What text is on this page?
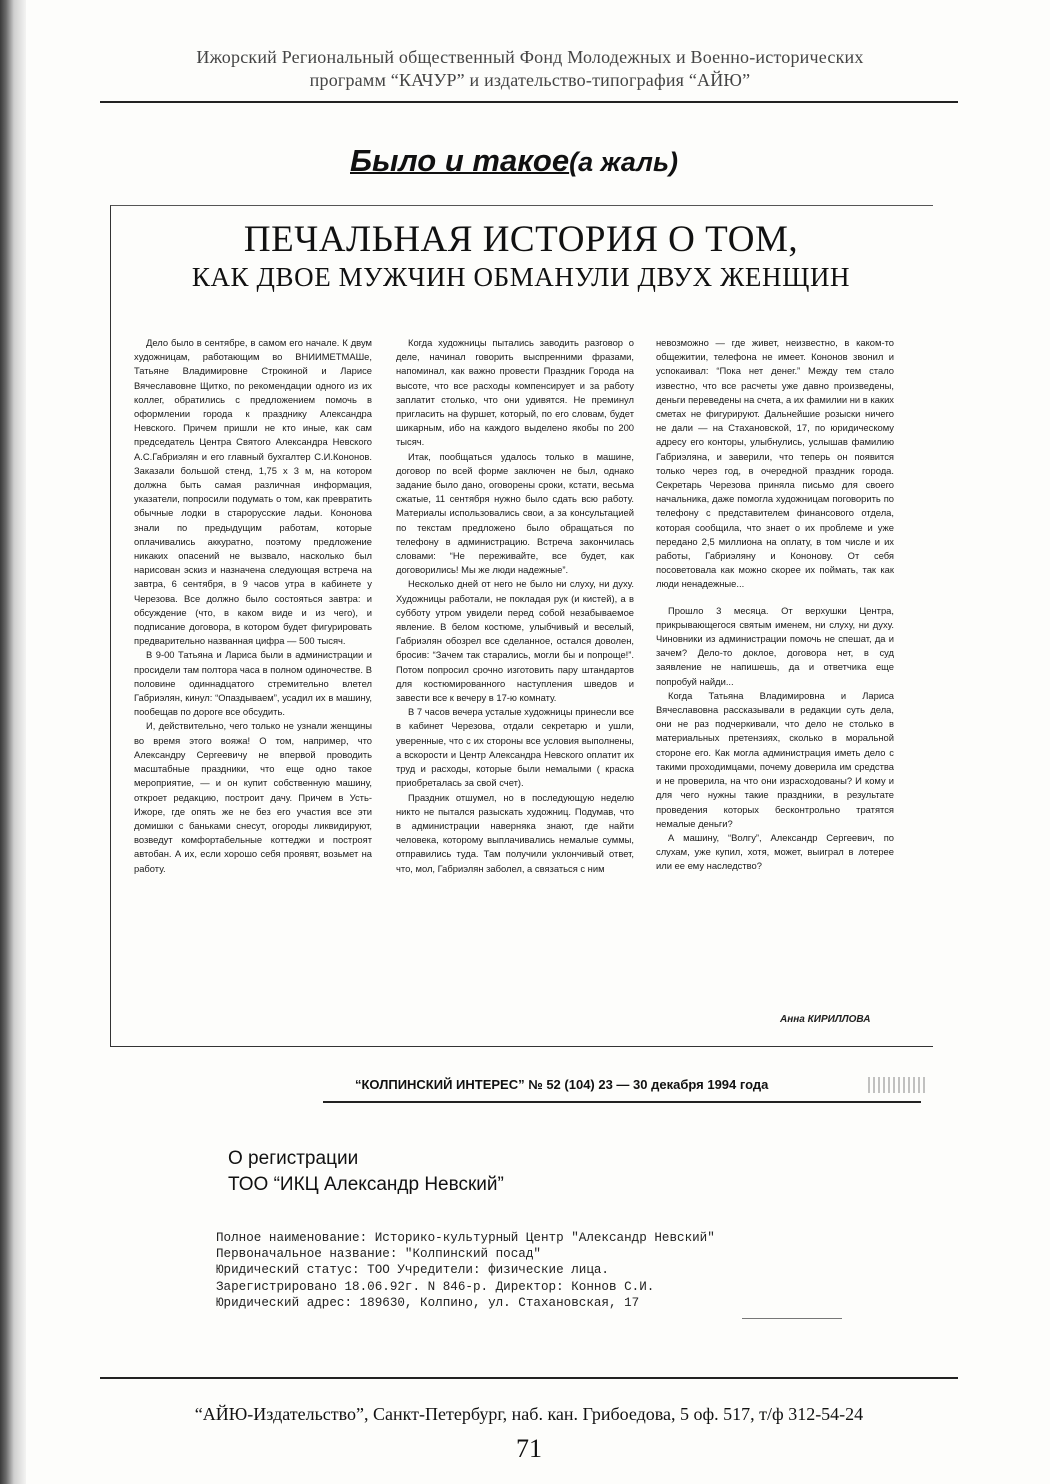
Ижорский Региональный общественный Фонд Молодежных и Военно-исторических
программ “КАЧУР” и издательство-типография “АЙЮ”
Было и такое(а жаль)
ПЕЧАЛЬНАЯ ИСТОРИЯ О ТОМ,
КАК ДВОЕ МУЖЧИН ОБМАНУЛИ ДВУХ ЖЕНЩИН

Дело было в сентябре, в самом его начале. К двум художницам, работающим во ВНИИМЕТМАШе, Татьяне Владимировне Строкиной и Ларисе Вячеславовне Щитко, по рекомендации одного из их коллег, обратились с предложением помочь в оформлении города к празднику Александра Невского. Причем пришли не кто иные, как сам председатель Центра Святого Александра Невского А.С.Габриэлян и его главный бухгалтер С.И.Кононов. Заказали большой стенд, 1,75 х 3 м, на котором должна быть самая различная информация, указатели, попросили подумать о том, как превратить обычные лодки в старорусские ладьи. Кононова знали по предыдущим работам, которые оплачивались аккуратно, поэтому предложение никаких опасений не вызвало, насколько был нарисован эскиз и назначена следующая встреча на завтра, 6 сентября, в 9 часов утра в кабинете у Черезова. Все должно было состояться завтра: и обсуждение (что, в каком виде и из чего), и подписание договора, в котором будет фигурировать предварительно названная цифра — 500 тысяч.

В 9-00 Татьяна и Лариса были в администрации и просидели там полтора часа в полном одиночестве. В половине одиннадцатого стремительно влетел Габриэлян, кинул: “Опаздываем”, усадил их в машину, пообещав по дороге все обсудить.

И, действительно, чего только не узнали женщины во время этого вояжа! О том, например, что Александру Сергеевичу не впервой проводить масштабные праздники, что еще одно такое мероприятие, — и он купит собственную машину, откроет редакцию, построит дачу. Причем в Усть-Ижоре, где опять же не без его участия все эти домишки с баньками снесут, огороды ликвидируют, возведут комфортабельные коттеджи и построят автобан. А их, если хорошо себя проявят, возьмет на работу.

Когда художницы пытались заводить разговор о деле, начинал говорить выспренними фразами, напоминал, как важно провести Праздник Города на высоте, что все расходы компенсирует и за работу заплатит столько, что они удивятся. Не преминул пригласить на фуршет, который, по его словам, будет шикарным, ибо на каждого выделено якобы по 200 тысяч.

Итак, пообщаться удалось только в машине, договор по всей форме заключен не был, однако задание было дано, оговорены сроки, кстати, весьма сжатые, 11 сентября нужно было сдать всю работу. Материалы использовались свои, а за консультацией по текстам предложено было обращаться по телефону в администрацию. Встреча закончилась словами: “Не переживайте, все будет, как договорились! Мы же люди надежные”.

Несколько дней от него не было ни слуху, ни духу. Художницы работали, не покладая рук (и кистей), а в субботу утром увидели перед собой незабываемое явление. В белом костюме, улыбчивый и веселый, Габриэлян обозрел все сделанное, остался доволен, бросив: “Зачем так старались, могли бы и попроще!”. Потом попросил срочно изготовить пару штандартов для костюмированного наступления шведов и завести все к вечеру в 17-ю комнату.

В 7 часов вечера усталые художницы принесли все в кабинет Черезова, отдали секретарю и ушли, уверенные, что с их стороны все условия выполнены, а вскорости и Центр Александра Невского оплатит их труд и расходы, которые были немалыми ( краска приобреталась за свой счет).

Праздник отшумел, но в последующую неделю никто не пытался разыскать художниц. Подумав, что в администрации наверняка знают, где найти человека, которому выплачивались немалые суммы, отправились туда. Там получили уклончивый ответ, что, мол, Габриэлян заболел, а связаться с ним

невозможно — где живет, неизвестно, в каком-то общежитии, телефона не имеет. Кононов звонил и успокаивал: “Пока нет денег.” Между тем стало известно, что все расчеты уже давно произведены, деньги переведены на счета, а их фамилии ни в каких сметах не фигурируют. Дальнейшие розыски ничего не дали — на Стахановской, 17, по юридическому адресу его конторы, улыбнулись, услышав фамилию Габриэляна, и заверили, что теперь он появится только через год, в очередной праздник города. Секретарь Черезова приняла письмо для своего начальника, даже помогла художницам поговорить по телефону с представителем финансового отдела, которая сообщила, что знает о их проблеме и уже передано 2,5 миллиона на оплату, в том числе и их работы, Габриэляну и Кононову. От себя посоветовала как можно скорее их поймать, так как люди ненадежные...

Прошло 3 месяца. От верхушки Центра, прикрывающегося святым именем, ни слуху, ни духу. Чиновники из администрации помочь не спешат, да и зачем? Дело-то доклое, договора нет, в суд заявление не напишешь, да и ответчика еще попробуй найди...

Когда Татьяна Владимировна и Лариса Вячеславовна рассказывали в редакции суть дела, они не раз подчеркивали, что дело не столько в материальных претензиях, сколько в моральной стороне его. Как могла администрация иметь дело с такими проходимцами, почему доверила им средства и не проверила, на что они израсходованы? И кому и для чего нужны такие праздники, в результате проведения которых бесконтрольно тратятся немалые деньги?

А машину, “Волгу”, Александр Сергеевич, по слухам, уже купил, хотя, может, выиграл в лотерее или ее ему наследство?

Анна КИРИЛЛОВА
“КОЛПИНСКИЙ ИНТЕРЕС” № 52 (104) 23 — 30 декабря 1994 года
О регистрации
ТОО “ИКЦ Александр Невский”
Полное наименование: Историко-культурный Центр "Александр Невский"
Первоначальное название: "Колпинский посад"
Юридический статус: ТОО Учредители: физические лица.
Зарегистрировано 18.06.92г. N 846-р. Директор: Коннов С.И.
Юридический адрес: 189630, Колпино, ул. Стахановская, 17
“АЙЮ-Издательство”, Санкт-Петербург, наб. кан. Грибоедова, 5 оф. 517, т/ф 312-54-24
71
